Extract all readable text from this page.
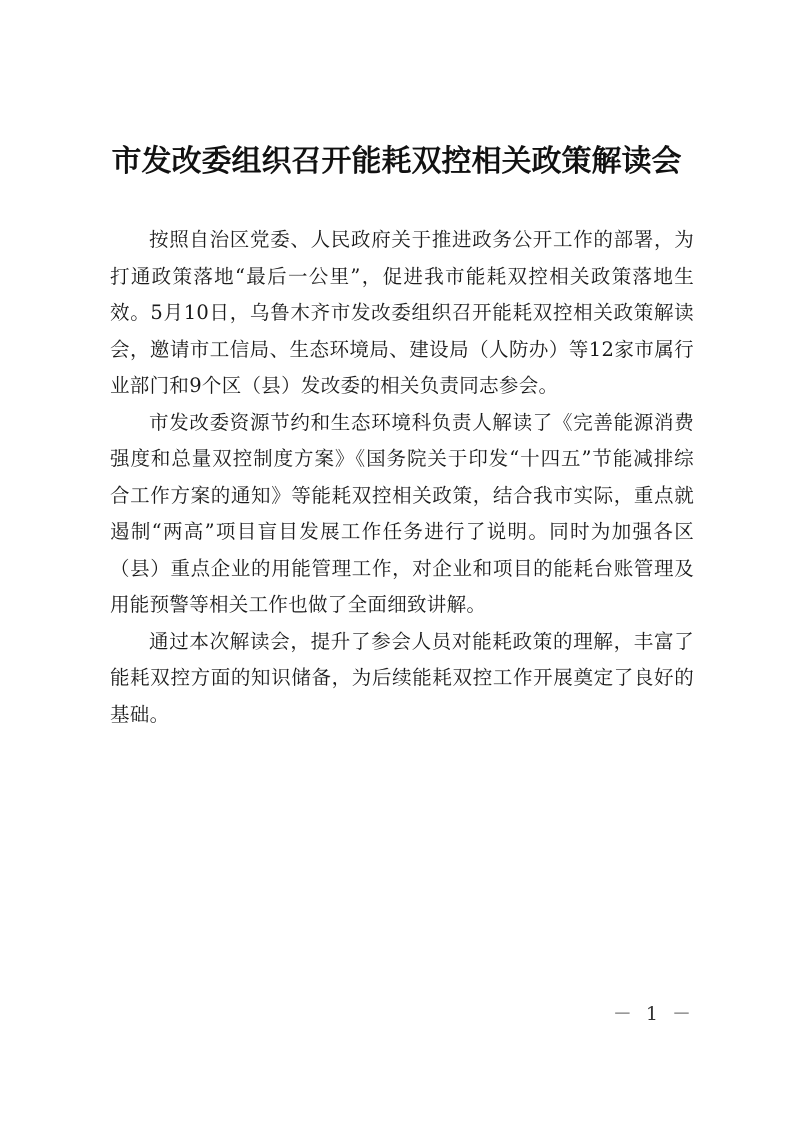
市发改委组织召开能耗双控相关政策解读会

按照自治区党委、人民政府关于推进政务公开工作的部署，为打通政策落地“最后一公里”，促进我市能耗双控相关政策落地生效。5月10日，乌鲁木齐市发改委组织召开能耗双控相关政策解读会，邀请市工信局、生态环境局、建设局（人防办）等12家市属行业部门和9个区（县）发改委的相关负责同志参会。

市发改委资源节约和生态环境科负责人解读了《完善能源消费强度和总量双控制度方案》《国务院关于印发“十四五”节能减排综合工作方案的通知》等能耗双控相关政策，结合我市实际，重点就遏制“两高”项目盲目发展工作任务进行了说明。同时为加强各区（县）重点企业的用能管理工作，对企业和项目的能耗台账管理及用能预警等相关工作也做了全面细致讲解。

通过本次解读会，提升了参会人员对能耗政策的理解，丰富了能耗双控方面的知识储备，为后续能耗双控工作开展奠定了良好的基础。

－ 1 －
